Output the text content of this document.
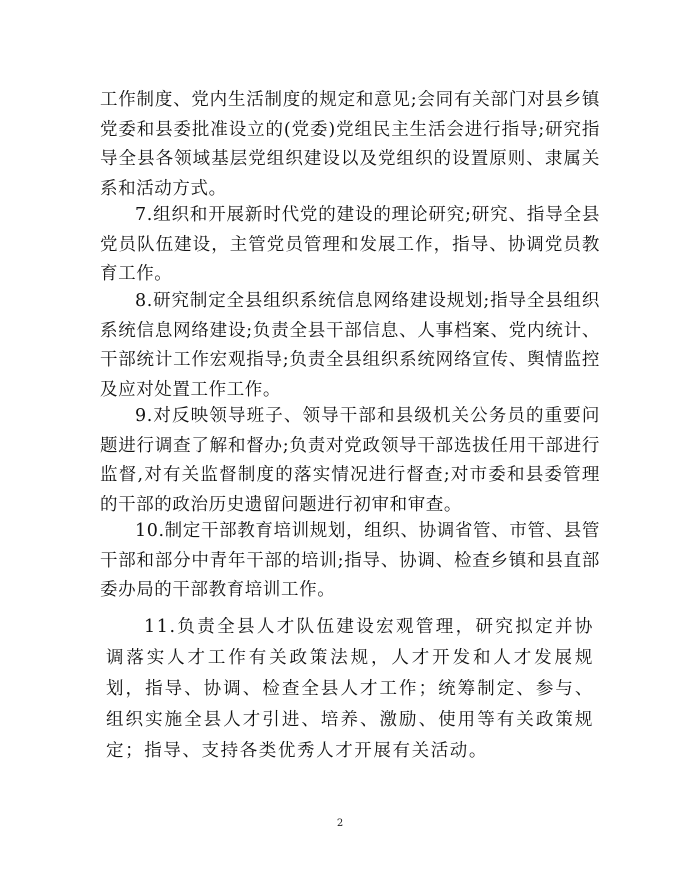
工作制度、党内生活制度的规定和意见;会同有关部门对县乡镇党委和县委批准设立的(党委)党组民主生活会进行指导;研究指导全县各领域基层党组织建设以及党组织的设置原则、隶属关系和活动方式。

7.组织和开展新时代党的建设的理论研究;研究、指导全县党员队伍建设，主管党员管理和发展工作，指导、协调党员教育工作。

8.研究制定全县组织系统信息网络建设规划;指导全县组织系统信息网络建设;负责全县干部信息、人事档案、党内统计、干部统计工作宏观指导;负责全县组织系统网络宣传、舆情监控及应对处置工作工作。

9.对反映领导班子、领导干部和县级机关公务员的重要问题进行调查了解和督办;负责对党政领导干部选拔任用干部进行监督,对有关监督制度的落实情况进行督查;对市委和县委管理的干部的政治历史遗留问题进行初审和审查。

10.制定干部教育培训规划，组织、协调省管、市管、县管干部和部分中青年干部的培训;指导、协调、检查乡镇和县直部委办局的干部教育培训工作。

11.负责全县人才队伍建设宏观管理，研究拟定并协调落实人才工作有关政策法规，人才开发和人才发展规划，指导、协调、检查全县人才工作；统筹制定、参与、组织实施全县人才引进、培养、激励、使用等有关政策规定；指导、支持各类优秀人才开展有关活动。

2
